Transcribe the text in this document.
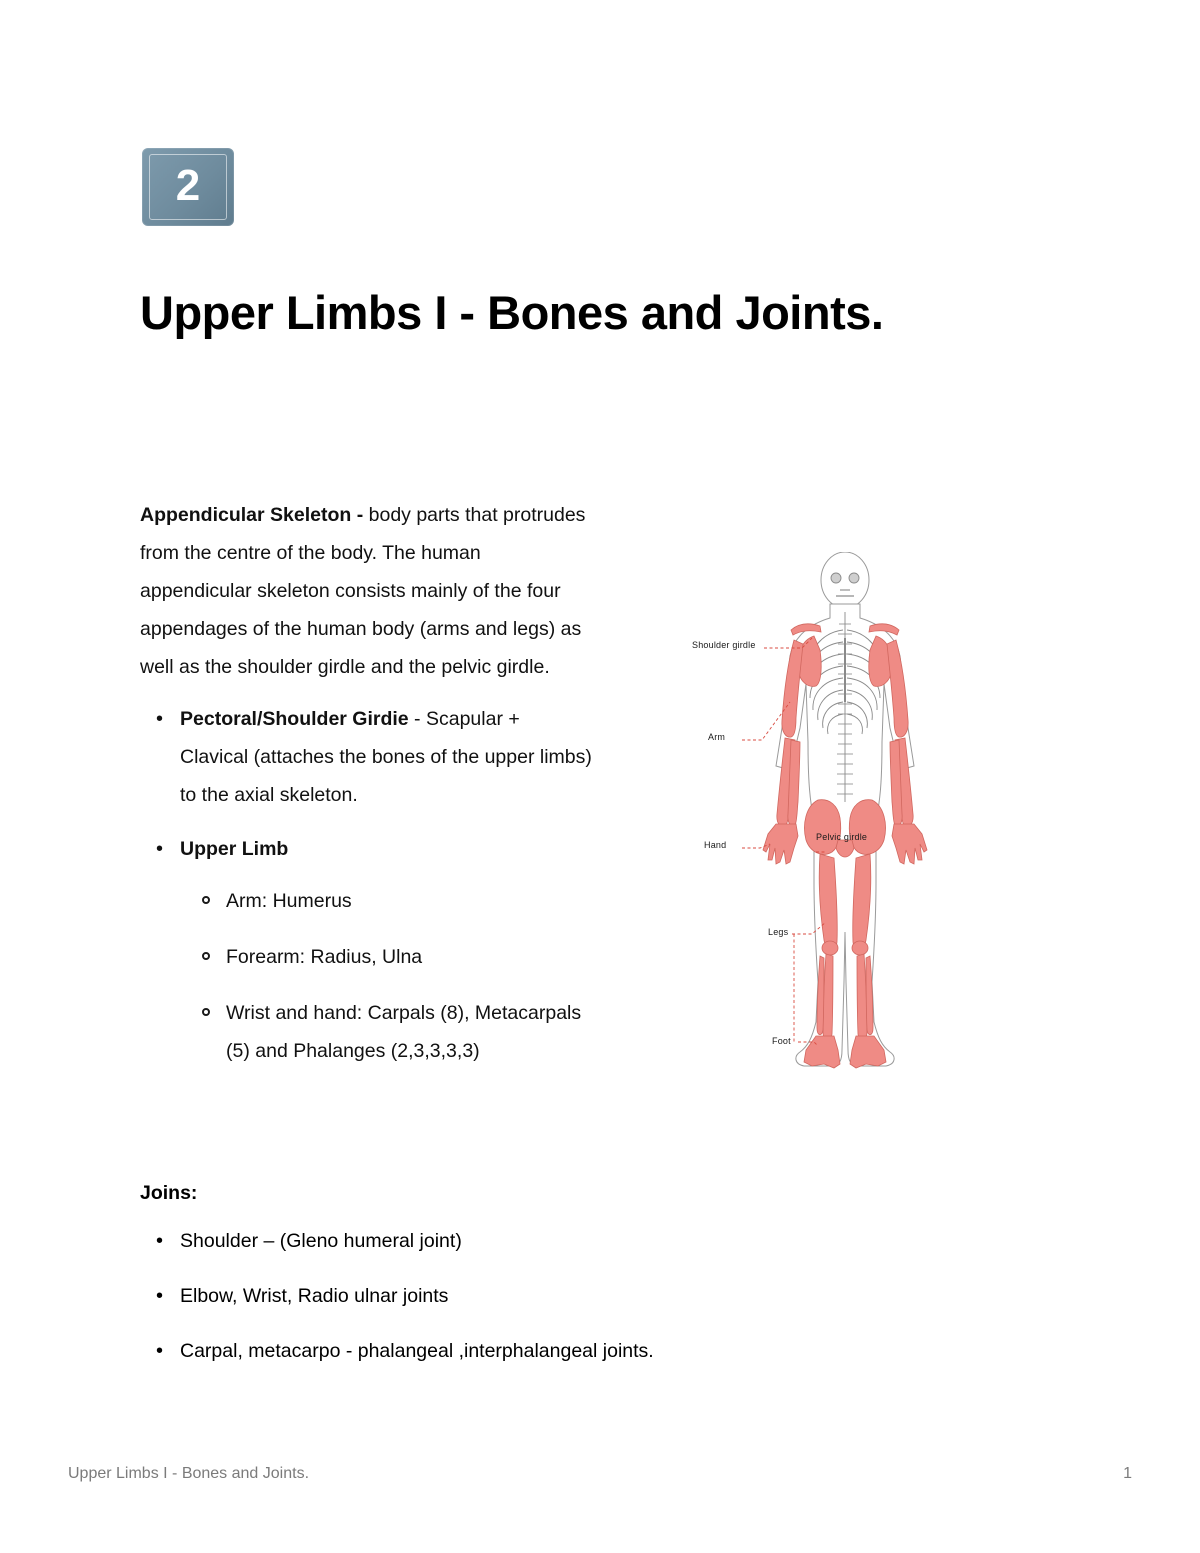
2
Upper Limbs I - Bones and Joints.

Appendicular Skeleton - body parts that protrudes from the centre of the body. The human appendicular skeleton consists mainly of the four appendages of the human body (arms and legs) as well as the shoulder girdle and the pelvic girdle.

• Pectoral/Shoulder Girdie - Scapular + Clavical (attaches the bones of the upper limbs) to the axial skeleton.
• Upper Limb
Arm: Humerus
Forearm: Radius, Ulna
Wrist and hand: Carpals (8), Metacarpals (5) and Phalanges (2,3,3,3,3)
Joins:
• Shoulder – (Gleno humeral joint)
• Elbow, Wrist, Radio ulnar joints
• Carpal, metacarpo - phalangeal ,interphalangeal joints.
Shoulder girdle
Arm
Hand
Pelvic girdle
Legs
Foot
Upper Limbs I - Bones and Joints.	1
